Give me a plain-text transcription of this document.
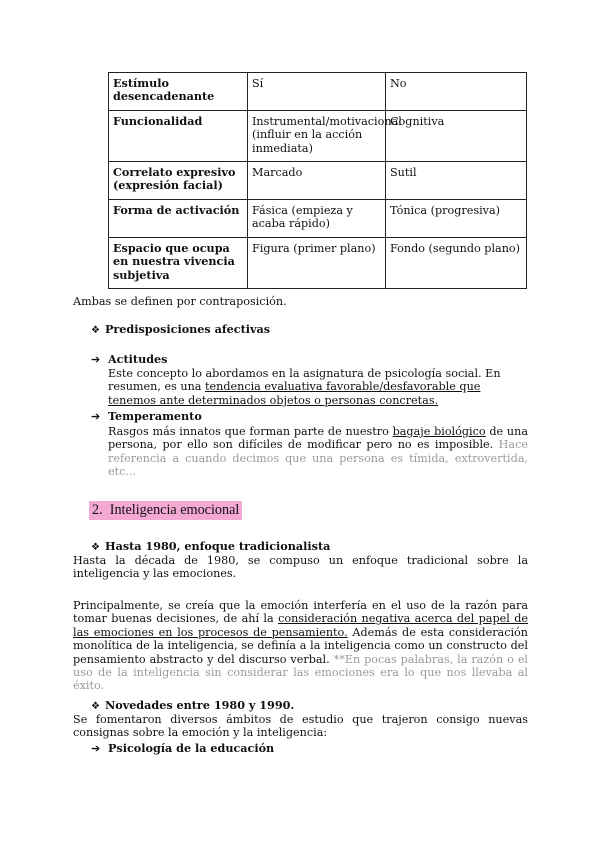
Estímulo desencadenante	Sí	No
Funcionalidad	Instrumental/motivacional (influir en la acción inmediata)	Cognitiva
Correlato expresivo (expresión facial)	Marcado	Sutil
Forma de activación	Fásica (empieza y acaba rápido)	Tónica (progresiva)
Espacio que ocupa en nuestra vivencia subjetiva	Figura (primer plano)	Fondo (segundo plano)

Ambas se definen por contraposición.

❖ Predisposiciones afectivas
➔ Actitudes

Este concepto lo abordamos en la asignatura de psicología social. En resumen, es una tendencia evaluativa favorable/desfavorable que tenemos ante determinados objetos o personas concretas.

➔ Temperamento

Rasgos más innatos que forman parte de nuestro bagaje biológico de una persona, por ello son difíciles de modificar pero no es imposible. Hace referencia a cuando decimos que una persona es tímida, extrovertida, etc...

2. Inteligencia emocional
❖ Hasta 1980, enfoque tradicionalista

Hasta la década de 1980, se compuso un enfoque tradicional sobre la inteligencia y las emociones.

Principalmente, se creía que la emoción interfería en el uso de la razón para tomar buenas decisiones, de ahí la consideración negativa acerca del papel de las emociones en los procesos de pensamiento. Además de esta consideración monolítica de la inteligencia, se definía a la inteligencia como un constructo del pensamiento abstracto y del discurso verbal. **En pocas palabras, la razón o el uso de la inteligencia sin considerar las emociones era lo que nos llevaba al éxito.

❖ Novedades entre 1980 y 1990.

Se fomentaron diversos ámbitos de estudio que trajeron consigo nuevas consignas sobre la emoción y la inteligencia:

➔ Psicología de la educación
